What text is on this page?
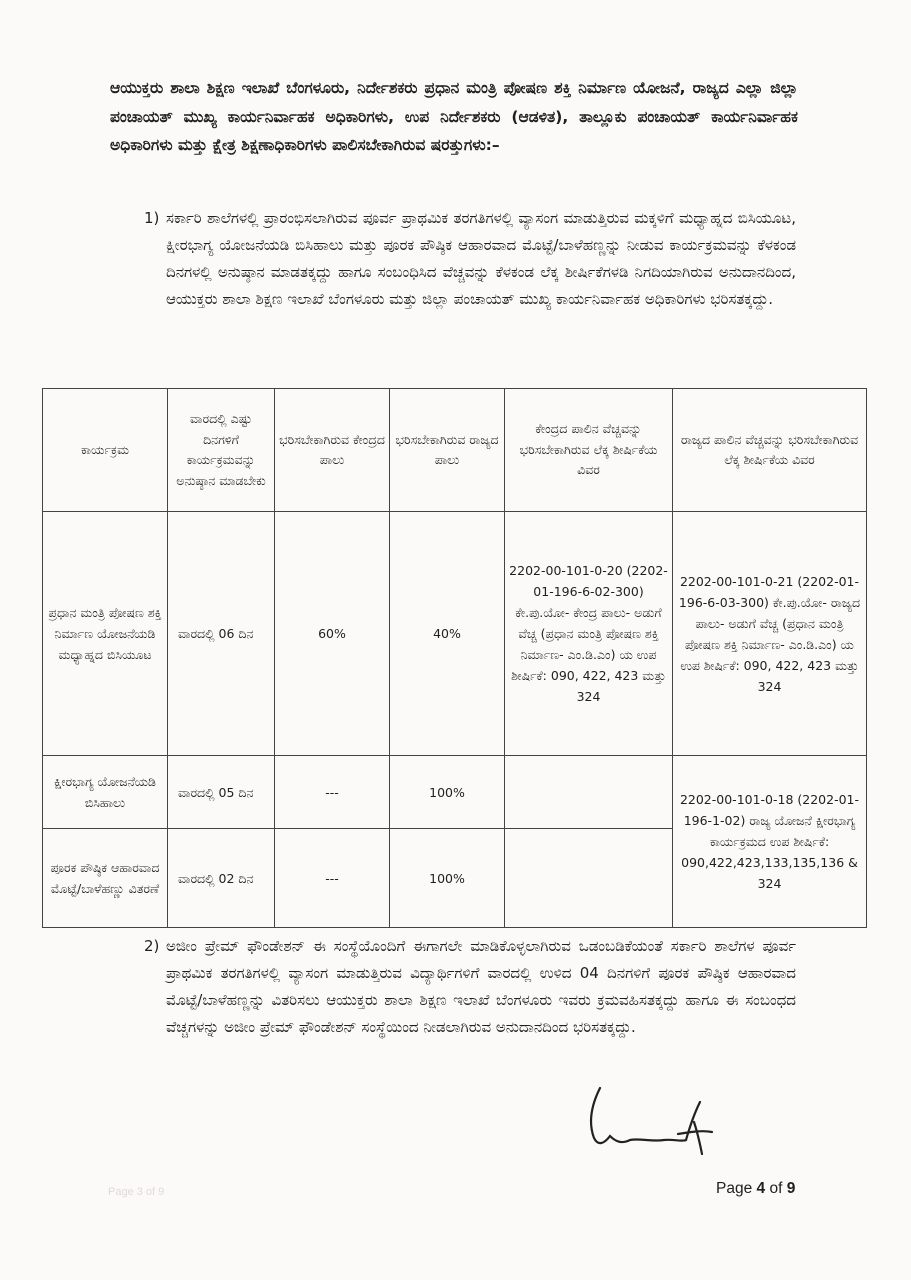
ಆಯುಕ್ತರು ಶಾಲಾ ಶಿಕ್ಷಣ ಇಲಾಖೆ ಬೆಂಗಳೂರು, ನಿರ್ದೇಶಕರು ಪ್ರಧಾನ ಮಂತ್ರಿ ಪೋಷಣ ಶಕ್ತಿ ನಿರ್ಮಾಣ ಯೋಜನೆ, ರಾಜ್ಯದ ಎಲ್ಲಾ ಜಿಲ್ಲಾ ಪಂಚಾಯತ್ ಮುಖ್ಯ ಕಾರ್ಯನಿರ್ವಾಹಕ ಅಧಿಕಾರಿಗಳು, ಉಪ ನಿರ್ದೇಶಕರು (ಆಡಳಿತ), ತಾಲ್ಲೂಕು ಪಂಚಾಯತ್ ಕಾರ್ಯನಿರ್ವಾಹಕ ಅಧಿಕಾರಿಗಳು ಮತ್ತು ಕ್ಷೇತ್ರ ಶಿಕ್ಷಣಾಧಿಕಾರಿಗಳು ಪಾಲಿಸಬೇಕಾಗಿರುವ ಷರತ್ತುಗಳು:–
1) ಸರ್ಕಾರಿ ಶಾಲೆಗಳಲ್ಲಿ ಪ್ರಾರಂಭಿಸಲಾಗಿರುವ ಪೂರ್ವ ಪ್ರಾಥಮಿಕ ತರಗತಿಗಳಲ್ಲಿ ವ್ಯಾಸಂಗ ಮಾಡುತ್ತಿರುವ ಮಕ್ಕಳಿಗೆ ಮಧ್ಯಾಹ್ನದ ಬಿಸಿಯೂಟ, ಕ್ಷೀರಭಾಗ್ಯ ಯೋಜನೆಯಡಿ ಬಿಸಿಹಾಲು ಮತ್ತು ಪೂರಕ ಪೌಷ್ಠಿಕ ಆಹಾರವಾದ ಮೊಟ್ಟೆ/ಬಾಳೆಹಣ್ಣನ್ನು ನೀಡುವ ಕಾರ್ಯಕ್ರಮವನ್ನು ಕೆಳಕಂಡ ದಿನಗಳಲ್ಲಿ ಅನುಷ್ಠಾನ ಮಾಡತಕ್ಕದ್ದು ಹಾಗೂ ಸಂಬಂಧಿಸಿದ ವೆಚ್ಚವನ್ನು ಕೆಳಕಂಡ ಲೆಕ್ಕ ಶೀರ್ಷಿಕೆಗಳಡಿ ನಿಗದಿಯಾಗಿರುವ ಅನುದಾನದಿಂದ, ಆಯುಕ್ತರು ಶಾಲಾ ಶಿಕ್ಷಣ ಇಲಾಖೆ ಬೆಂಗಳೂರು ಮತ್ತು ಜಿಲ್ಲಾ ಪಂಚಾಯತ್ ಮುಖ್ಯ ಕಾರ್ಯನಿರ್ವಾಹಕ ಅಧಿಕಾರಿಗಳು ಭರಿಸತಕ್ಕದ್ದು.
ಕಾರ್ಯಕ್ರಮ	ವಾರದಲ್ಲಿ ಎಷ್ಟು ದಿನಗಳಿಗೆ ಕಾರ್ಯಕ್ರಮವನ್ನು ಅನುಷ್ಠಾನ ಮಾಡಬೇಕು	ಭರಿಸಬೇಕಾಗಿರುವ ಕೇಂದ್ರದ ಪಾಲು	ಭರಿಸಬೇಕಾಗಿರುವ ರಾಜ್ಯದ ಪಾಲು	ಕೇಂದ್ರದ ಪಾಲಿನ ವೆಚ್ಚವನ್ನು ಭರಿಸಬೇಕಾಗಿರುವ ಲೆಕ್ಕ ಶೀರ್ಷಿಕೆಯ ವಿವರ	ರಾಜ್ಯದ ಪಾಲಿನ ವೆಚ್ಚವನ್ನು ಭರಿಸಬೇಕಾಗಿರುವ ಲೆಕ್ಕ ಶೀರ್ಷಿಕೆಯ ವಿವರ
ಪ್ರಧಾನ ಮಂತ್ರಿ ಪೋಷಣ ಶಕ್ತಿ ನಿರ್ಮಾಣ ಯೋಜನೆಯಡಿ ಮಧ್ಯಾಹ್ನದ ಬಿಸಿಯೂಟ	ವಾರದಲ್ಲಿ 06 ದಿನ	60%	40%	2202-00-101-0-20 (2202-01-196-6-02-300) ಕೇ.ಪು.ಯೋ- ಕೇಂದ್ರ ಪಾಲು- ಅಡುಗೆ ವೆಚ್ಚ (ಪ್ರಧಾನ ಮಂತ್ರಿ ಪೋಷಣ ಶಕ್ತಿ ನಿರ್ಮಾಣ- ಎಂ.ಡಿ.ಎಂ) ಯ ಉಪ ಶೀರ್ಷಿಕೆ: 090, 422, 423 ಮತ್ತು 324	2202-00-101-0-21 (2202-01-196-6-03-300) ಕೇ.ಪು.ಯೋ- ರಾಜ್ಯದ ಪಾಲು- ಅಡುಗೆ ವೆಚ್ಚ (ಪ್ರಧಾನ ಮಂತ್ರಿ ಪೋಷಣ ಶಕ್ತಿ ನಿರ್ಮಾಣ- ಎಂ.ಡಿ.ಎಂ) ಯ ಉಪ ಶೀರ್ಷಿಕೆ: 090, 422, 423 ಮತ್ತು 324
ಕ್ಷೀರಭಾಗ್ಯ ಯೋಜನೆಯಡಿ ಬಿಸಿಹಾಲು	ವಾರದಲ್ಲಿ 05 ದಿನ	---	100%		2202-00-101-0-18 (2202-01-196-1-02) ರಾಜ್ಯ ಯೋಜನೆ ಕ್ಷೀರಭಾಗ್ಯ ಕಾರ್ಯಕ್ರಮದ ಉಪ ಶೀರ್ಷಿಕೆ: 090,422,423,133,135,136 & 324
ಪೂರಕ ಪೌಷ್ಠಿಕ ಆಹಾರವಾದ ಮೊಟ್ಟೆ/ಬಾಳೆಹಣ್ಣು ವಿತರಣೆ	ವಾರದಲ್ಲಿ 02 ದಿನ	---	100%		
2) ಅಜೀಂ ಪ್ರೇಮ್ ಫೌಂಡೇಶನ್ ಈ ಸಂಸ್ಥೆಯೊಂದಿಗೆ ಈಗಾಗಲೇ ಮಾಡಿಕೊಳ್ಳಲಾಗಿರುವ ಒಡಂಬಡಿಕೆಯಂತೆ ಸರ್ಕಾರಿ ಶಾಲೆಗಳ ಪೂರ್ವ ಪ್ರಾಥಮಿಕ ತರಗತಿಗಳಲ್ಲಿ ವ್ಯಾಸಂಗ ಮಾಡುತ್ತಿರುವ ವಿದ್ಯಾರ್ಥಿಗಳಿಗೆ ವಾರದಲ್ಲಿ ಉಳಿದ 04 ದಿನಗಳಿಗೆ ಪೂರಕ ಪೌಷ್ಠಿಕ ಆಹಾರವಾದ ಮೊಟ್ಟೆ/ಬಾಳೆಹಣ್ಣನ್ನು ವಿತರಿಸಲು ಆಯುಕ್ತರು ಶಾಲಾ ಶಿಕ್ಷಣ ಇಲಾಖೆ ಬೆಂಗಳೂರು ಇವರು ಕ್ರಮವಹಿಸತಕ್ಕದ್ದು ಹಾಗೂ ಈ ಸಂಬಂಧದ ವೆಚ್ಚಗಳನ್ನು ಅಜೀಂ ಪ್ರೇಮ್ ಫೌಂಡೇಶನ್ ಸಂಸ್ಥೆಯಿಂದ ನೀಡಲಾಗಿರುವ ಅನುದಾನದಿಂದ ಭರಿಸತಕ್ಕದ್ದು.
Page 3 of 9	Page 4 of 9
